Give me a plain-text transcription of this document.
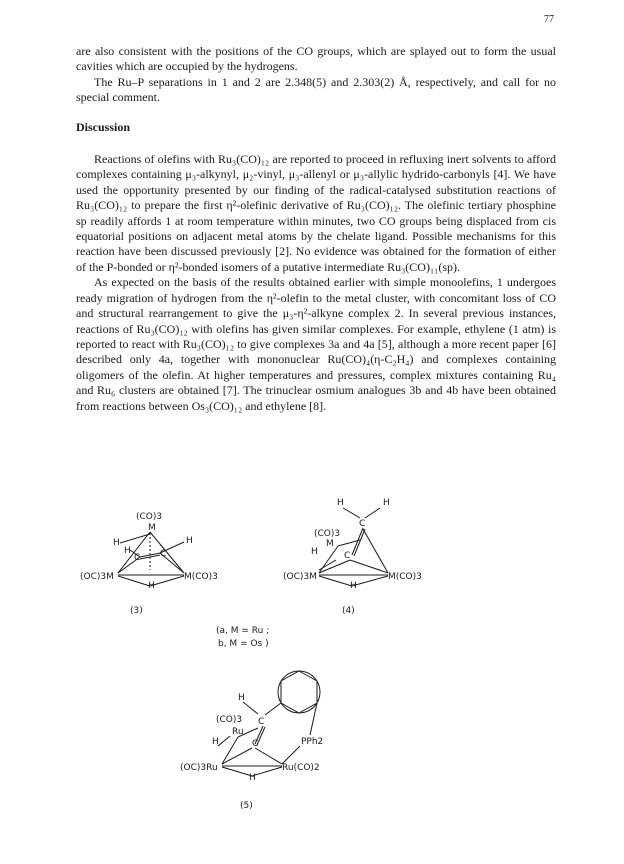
77

are also consistent with the positions of the CO groups, which are splayed out to form the usual cavities which are occupied by the hydrogens.

The Ru–P separations in 1 and 2 are 2.348(5) and 2.303(2) Å, respectively, and call for no special comment.

Discussion

Reactions of olefins with Ru₃(CO)₁₂ are reported to proceed in refluxing inert solvents to afford complexes containing μ₃-alkynyl, μ₂-vinyl, μ₃-allenyl or μ₃-allylic hydrido-carbonyls [4]. We have used the opportunity presented by our finding of the radical-catalysed substitution reactions of Ru₃(CO)₁₂ to prepare the first η²-olefinic derivative of Ru₃(CO)₁₂. The olefinic tertiary phosphine sp readily affords 1 at room temperature within minutes, two CO groups being displaced from cis equatorial positions on adjacent metal atoms by the chelate ligand. Possible mechanisms for this reaction have been discussed previously [2]. No evidence was obtained for the formation of either of the P-bonded or η²-bonded isomers of a putative intermediate Ru₃(CO)₁₁(sp).

As expected on the basis of the results obtained earlier with simple monoolefins, 1 undergoes ready migration of hydrogen from the η²-olefin to the metal cluster, with concomitant loss of CO and structural rearrangement to give the μ₃-η²-alkyne complex 2. In several previous instances, reactions of Ru₃(CO)₁₂ with olefins has given similar complexes. For example, ethylene (1 atm) is reported to react with Ru₃(CO)₁₂ to give complexes 3a and 4a [5], although a more recent paper [6] described only 4a, together with mononuclear Ru(CO)₄(η-C₂H₄) and complexes containing oligomers of the olefin. At higher temperatures and pressures, complex mixtures containing Ru₄ and Ru₆ clusters are obtained [7]. The trinuclear osmium analogues 3b and 4b have been obtained from reactions between Os₃(CO)₁₂ and ethylene [8].

(CO)3
M
H	H
H
C C
(OC)3M	M(CO)3
H
(3)
H	H
C
(CO)3
M
H	C
(OC)3M	M(CO)3
H
(4)
(a, M = Ru ;
b, M = Os )
H
(CO)3 C
Ru
H	C	PPh2
(OC)3Ru	Ru(CO)2
H
(5)
